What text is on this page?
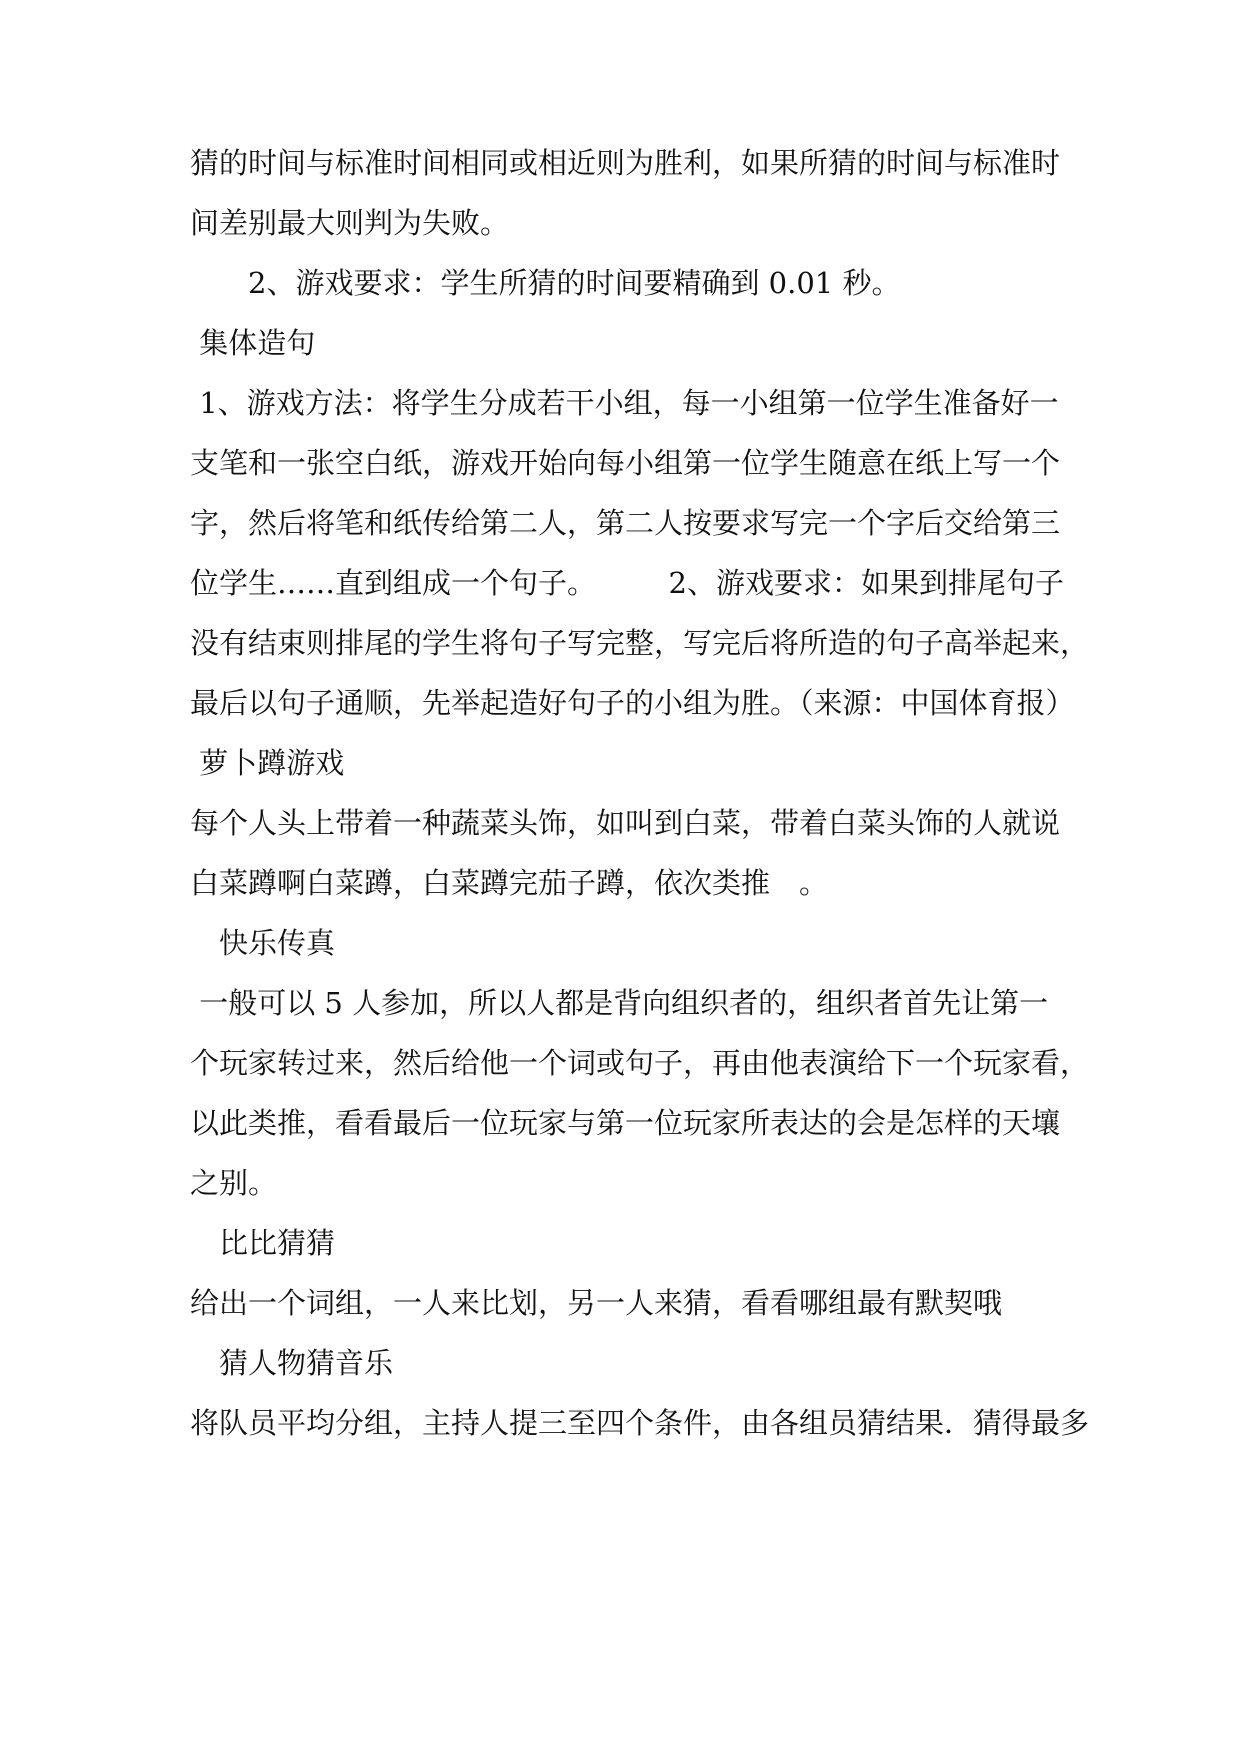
猜的时间与标准时间相同或相近则为胜利，如果所猜的时间与标准时
间差别最大则判为失败。
　　2、游戏要求：学生所猜的时间要精确到 0.01 秒。
集体造句
1、游戏方法：将学生分成若干小组，每一小组第一位学生准备好一
支笔和一张空白纸，游戏开始向每小组第一位学生随意在纸上写一个
字，然后将笔和纸传给第二人，第二人按要求写完一个字后交给第三
位学生……直到组成一个句子。　　　2、游戏要求：如果到排尾句子
没有结束则排尾的学生将句子写完整，写完后将所造的句子高举起来，
最后以句子通顺，先举起造好句子的小组为胜。（来源：中国体育报）
萝卜蹲游戏
每个人头上带着一种蔬菜头饰，如叫到白菜，带着白菜头饰的人就说
白菜蹲啊白菜蹲，白菜蹲完茄子蹲，依次类推　。
　快乐传真
一般可以 5 人参加，所以人都是背向组织者的，组织者首先让第一
个玩家转过来，然后给他一个词或句子，再由他表演给下一个玩家看，
以此类推，看看最后一位玩家与第一位玩家所表达的会是怎样的天壤
之别。
　比比猜猜
给出一个词组，一人来比划，另一人来猜，看看哪组最有默契哦
　猜人物猜音乐
将队员平均分组，主持人提三至四个条件，由各组员猜结果．猜得最多
